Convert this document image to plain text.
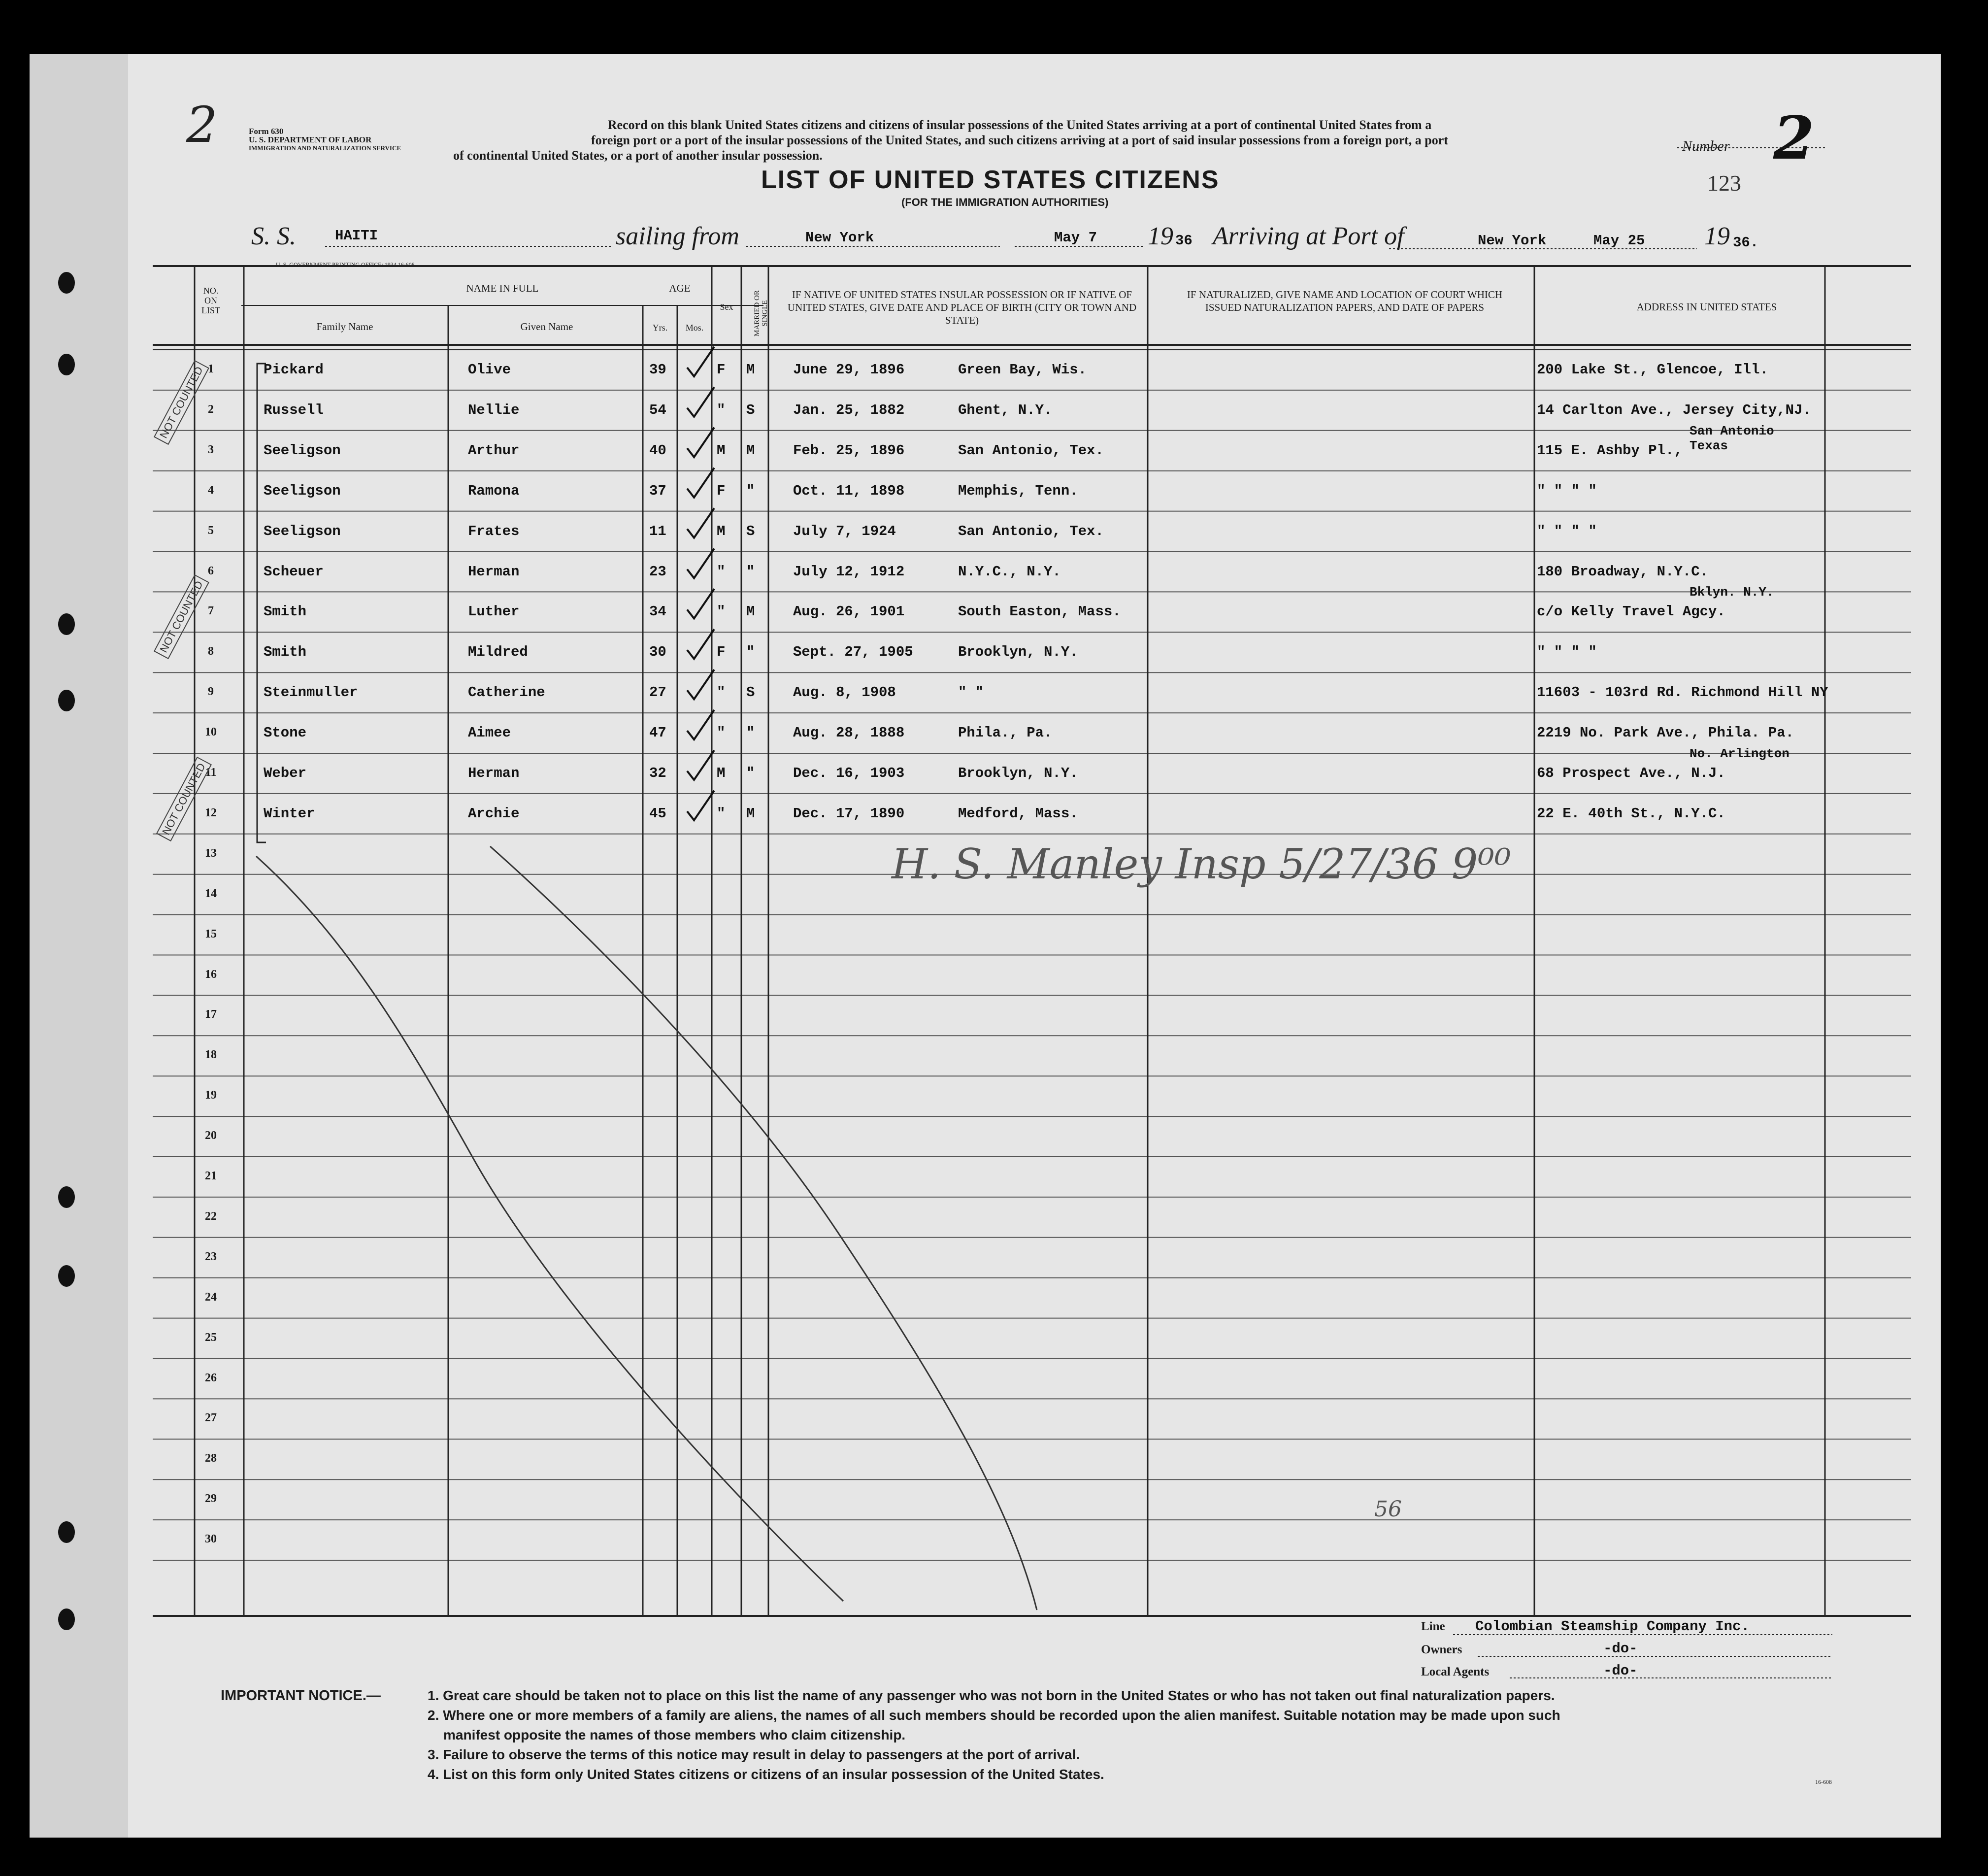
2	Form 630
U. S. DEPARTMENT OF LABOR
IMMIGRATION AND NATURALIZATION SERVICE
Record on this blank United States citizens and citizens of insular possessions of the United States arriving at a port of continental United States from a
foreign port or a port of the insular possessions of the United States, and such citizens arriving at a port of said insular possessions from a foreign port, a port
of continental United States, or a port of another insular possession.
Number 2
123
LIST OF UNITED STATES CITIZENS
(FOR THE IMMIGRATION AUTHORITIES)
S. S.	HAITI	sailing from	New York	May 7 19 36 Arriving at Port of	New York	May 25 19 36.
U. S. GOVERNMENT PRINTING OFFICE: 1934 16-608
NO. ON LIST
NAME IN FULL
Family Name	Given Name
AGE
Yrs.	Mos.
Sex	MARRIED OR SINGLE
IF NATIVE OF UNITED STATES INSULAR POSSESSION OR IF NATIVE OF UNITED STATES, GIVE DATE AND PLACE OF BIRTH (CITY OR TOWN AND STATE)
IF NATURALIZED, GIVE NAME AND LOCATION OF COURT WHICH ISSUED NATURALIZATION PAPERS, AND DATE OF PAPERS	ADDRESS IN UNITED STATES
1	Pickard	Olive	39	F M	June 29, 1896	Green Bay, Wis.	200 Lake St., Glencoe, Ill.
2	Russell	Nellie	54	" S	Jan. 25, 1882	Ghent, N.Y.	14 Carlton Ave., Jersey City,NJ.
3	Seeligson	Arthur	40	M M	Feb. 25, 1896	San Antonio, Tex.	115 E. Ashby Pl.,
San Antonio
Texas
4	Seeligson	Ramona	37	F "	Oct. 11, 1898	Memphis, Tenn.	" " " "
5	Seeligson	Frates	11	M S	July 7, 1924	San Antonio, Tex.	" " " "
6	Scheuer	Herman	23	" "	July 12, 1912	N.Y.C., N.Y.	180 Broadway, N.Y.C.
7	Smith	Luther	34	" M	Aug. 26, 1901	South Easton, Mass.	c/o Kelly Travel Agcy.
Bklyn. N.Y.
8	Smith	Mildred	30	F "	Sept. 27, 1905	Brooklyn, N.Y.	" " " "
9	Steinmuller	Catherine	27	" S	Aug. 8, 1908	" "	11603 - 103rd Rd. Richmond Hill NY
10	Stone	Aimee	47	" "	Aug. 28, 1888	Phila., Pa.	2219 No. Park Ave., Phila. Pa.
11	Weber	Herman	32	M "	Dec. 16, 1903	Brooklyn, N.Y.	68 Prospect Ave., N.J.
No. Arlington
12	Winter	Archie	45	" M	Dec. 17, 1890	Medford, Mass.	22 E. 40th St., N.Y.C.
13
14
15
16
17
18
19
20
21
22
23
24
25
26
27
28
29
30
NOT COUNTED
NOT COUNTED
NOT COUNTED
H. S. Manley Insp 5/27/36 9⁰⁰
56
Line Colombian Steamship Company Inc.
Owners	-do-
Local Agents	-do-
IMPORTANT NOTICE.—	1. Great care should be taken not to place on this list the name of any passenger who was not born in the United States or who has not taken out final naturalization papers.
2. Where one or more members of a family are aliens, the names of all such members should be recorded upon the alien manifest. Suitable notation may be made upon such
manifest opposite the names of those members who claim citizenship.
3. Failure to observe the terms of this notice may result in delay to passengers at the port of arrival.
4. List on this form only United States citizens or citizens of an insular possession of the United States.	16-608
